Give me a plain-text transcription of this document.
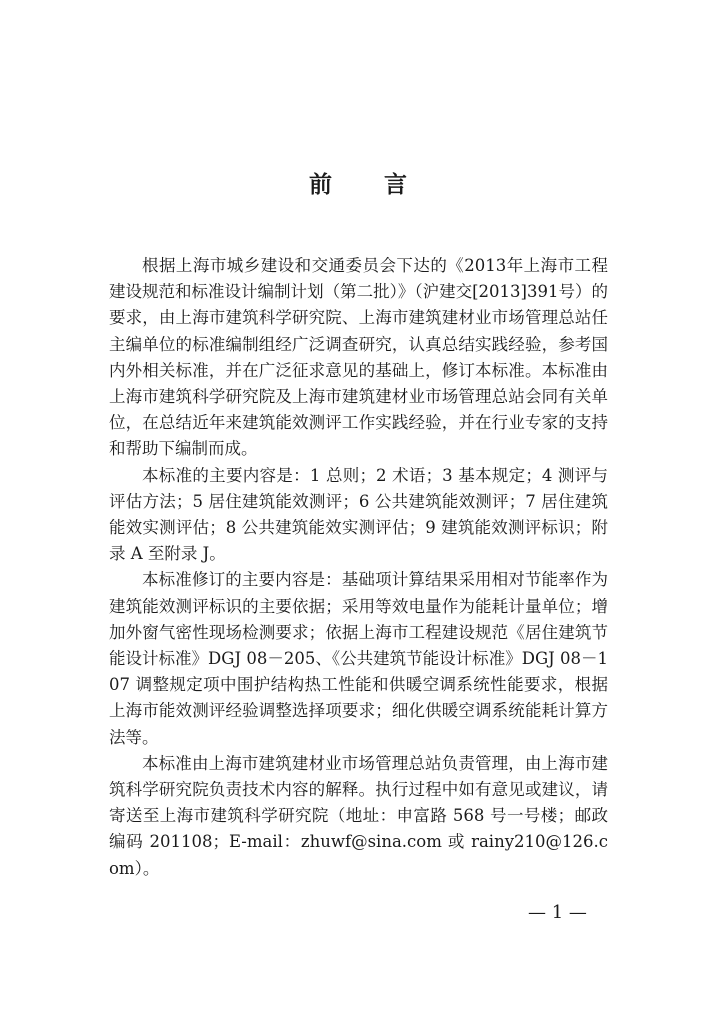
前 言

根据上海市城乡建设和交通委员会下达的《2013年上海市工程建设规范和标准设计编制计划（第二批）》（沪建交[2013]391号）的要求，由上海市建筑科学研究院、上海市建筑建材业市场管理总站任主编单位的标准编制组经广泛调查研究，认真总结实践经验，参考国内外相关标准，并在广泛征求意见的基础上，修订本标准。本标准由上海市建筑科学研究院及上海市建筑建材业市场管理总站会同有关单位，在总结近年来建筑能效测评工作实践经验，并在行业专家的支持和帮助下编制而成。

本标准的主要内容是：1 总则；2 术语；3 基本规定；4 测评与评估方法；5 居住建筑能效测评；6 公共建筑能效测评；7 居住建筑能效实测评估；8 公共建筑能效实测评估；9 建筑能效测评标识；附录 A 至附录 J。

本标准修订的主要内容是：基础项计算结果采用相对节能率作为建筑能效测评标识的主要依据；采用等效电量作为能耗计量单位；增加外窗气密性现场检测要求；依据上海市工程建设规范《居住建筑节能设计标准》DGJ 08－205、《公共建筑节能设计标准》DGJ 08－107 调整规定项中围护结构热工性能和供暖空调系统性能要求，根据上海市能效测评经验调整选择项要求；细化供暖空调系统能耗计算方法等。

本标准由上海市建筑建材业市场管理总站负责管理，由上海市建筑科学研究院负责技术内容的解释。执行过程中如有意见或建议，请寄送至上海市建筑科学研究院（地址：申富路 568 号一号楼；邮政编码 201108；E-mail：zhuwf@sina.com 或 rainy210@126.com）。

— 1 —
